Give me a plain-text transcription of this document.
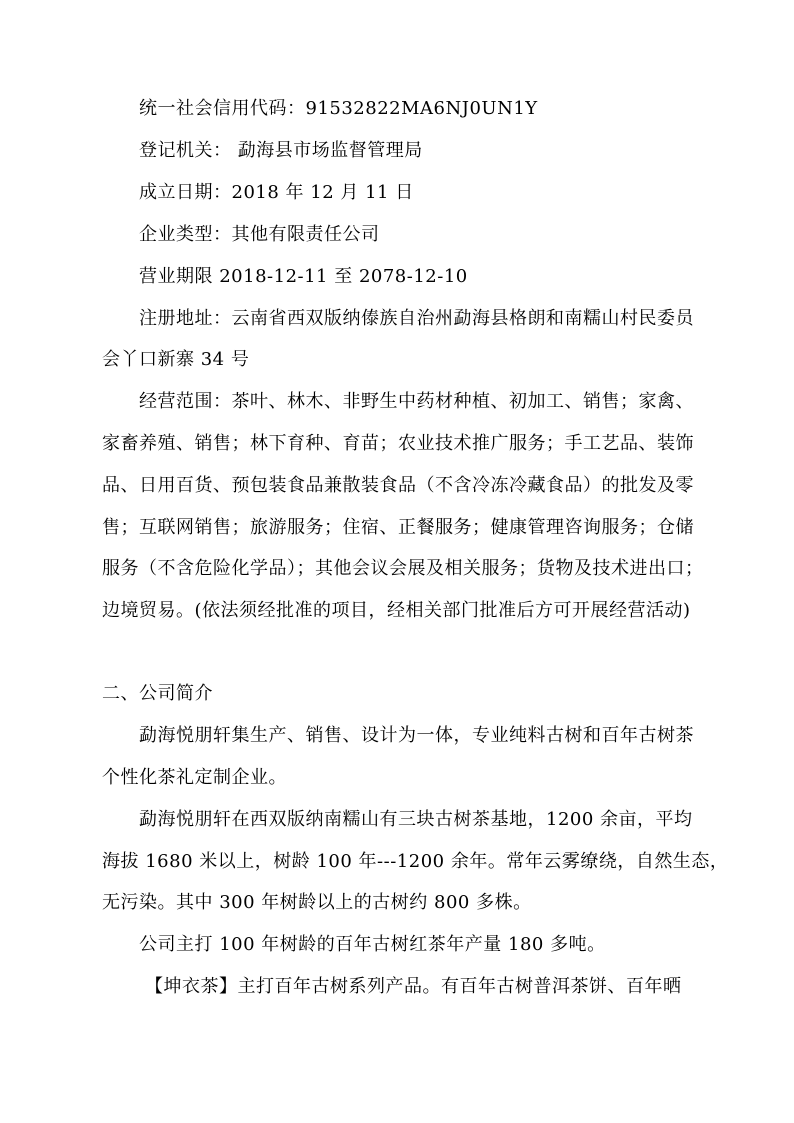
统一社会信用代码：91532822MA6NJ0UN1Y
登记机关： 勐海县市场监督管理局
成立日期：2018 年 12 月 11 日
企业类型：其他有限责任公司
营业期限 2018-12-11 至 2078-12-10
注册地址：云南省西双版纳傣族自治州勐海县格朗和南糯山村民委员
会丫口新寨 34 号
经营范围：茶叶、林木、非野生中药材种植、初加工、销售；家禽、
家畜养殖、销售；林下育种、育苗；农业技术推广服务；手工艺品、装饰
品、日用百货、预包装食品兼散装食品（不含冷冻冷藏食品）的批发及零
售；互联网销售；旅游服务；住宿、正餐服务；健康管理咨询服务；仓储
服务（不含危险化学品）；其他会议会展及相关服务；货物及技术进出口；
边境贸易。(依法须经批准的项目，经相关部门批准后方可开展经营活动)
二、公司简介
勐海悦朋轩集生产、销售、设计为一体，专业纯料古树和百年古树茶
个性化茶礼定制企业。
勐海悦朋轩在西双版纳南糯山有三块古树茶基地，1200 余亩，平均
海拔 1680 米以上，树龄 100 年---1200 余年。常年云雾缭绕，自然生态，
无污染。其中 300 年树龄以上的古树约 800 多株。
公司主打 100 年树龄的百年古树红茶年产量 180 多吨。
【坤衣茶】主打百年古树系列产品。有百年古树普洱茶饼、百年晒
